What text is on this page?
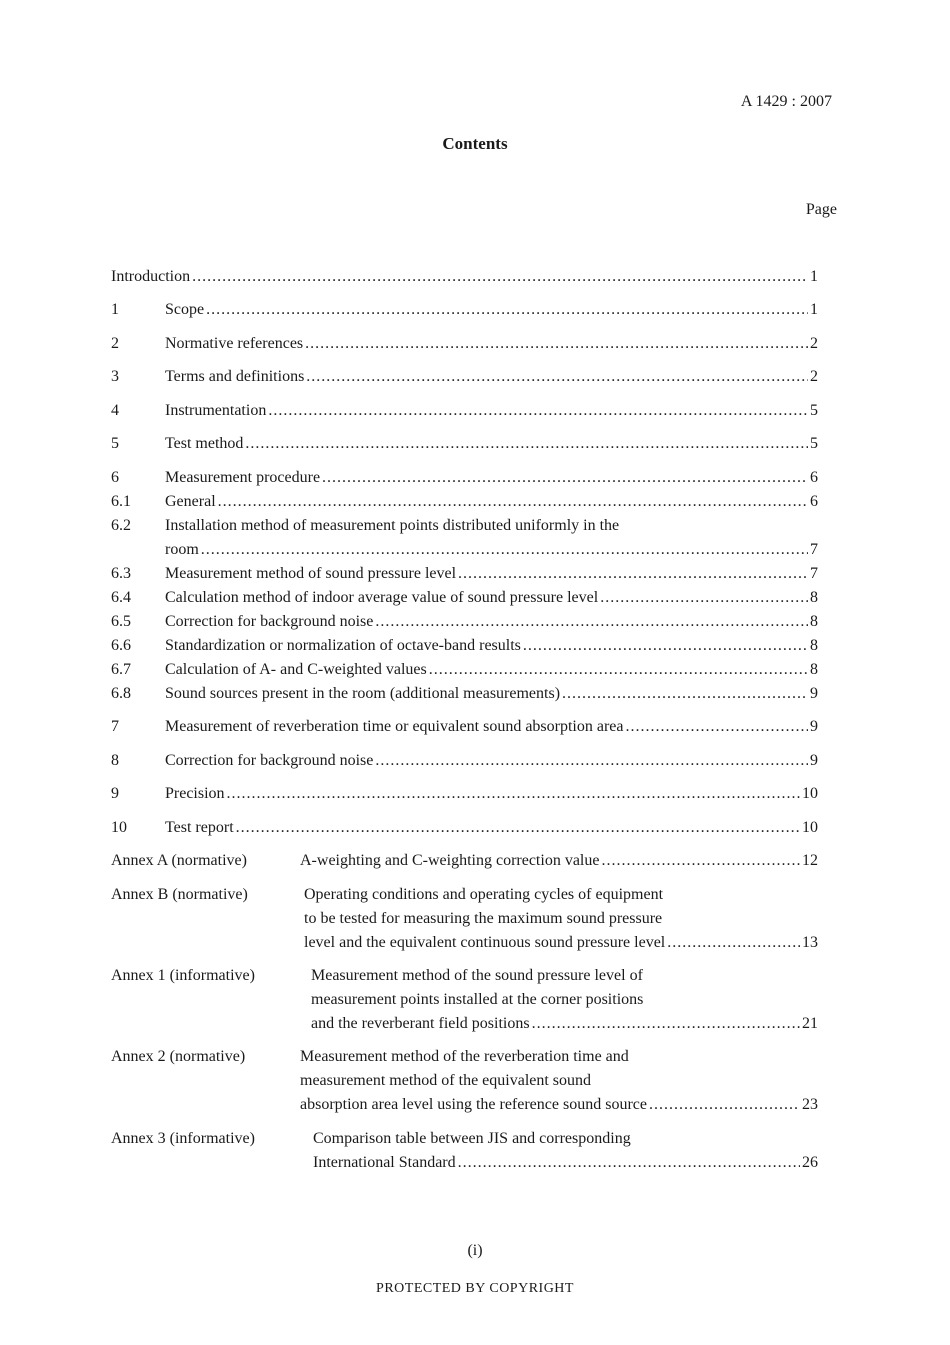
A 1429 : 2007
Contents
Page
Introduction .....	1
1	Scope .....	1
2	Normative references .....	2
3	Terms and definitions .....	2
4	Instrumentation .....	5
5	Test method .....	5
6	Measurement procedure .....	6
6.1 General .....	6
6.2 Installation method of measurement points distributed uniformly in the
room .....	7
6.3 Measurement method of sound pressure level .....	7
6.4 Calculation method of indoor average value of sound pressure level .....	8
6.5 Correction for background noise .....	8
6.6 Standardization or normalization of octave-band results .....	8
6.7 Calculation of A- and C-weighted values .....	8
6.8 Sound sources present in the room (additional measurements) .....	9
7	Measurement of reverberation time or equivalent sound absorption area .....	9
8	Correction for background noise .....	9
9	Precision .....	10
10 Test report .....	10
Annex A (normative)	A-weighting and C-weighting correction value .....	12
Annex B (normative)	Operating conditions and operating cycles of equipment
to be tested for measuring the maximum sound pressure
level and the equivalent continuous sound pressure level .....	13
Annex 1 (informative)	Measurement method of the sound pressure level of
measurement points installed at the corner positions
and the reverberant field positions .....	21
Annex 2 (normative)	Measurement method of the reverberation time and
measurement method of the equivalent sound
absorption area level using the reference sound source .....	23
Annex 3 (informative)	Comparison table between JIS and corresponding
International Standard .....	26
(i)
PROTECTED BY COPYRIGHT
